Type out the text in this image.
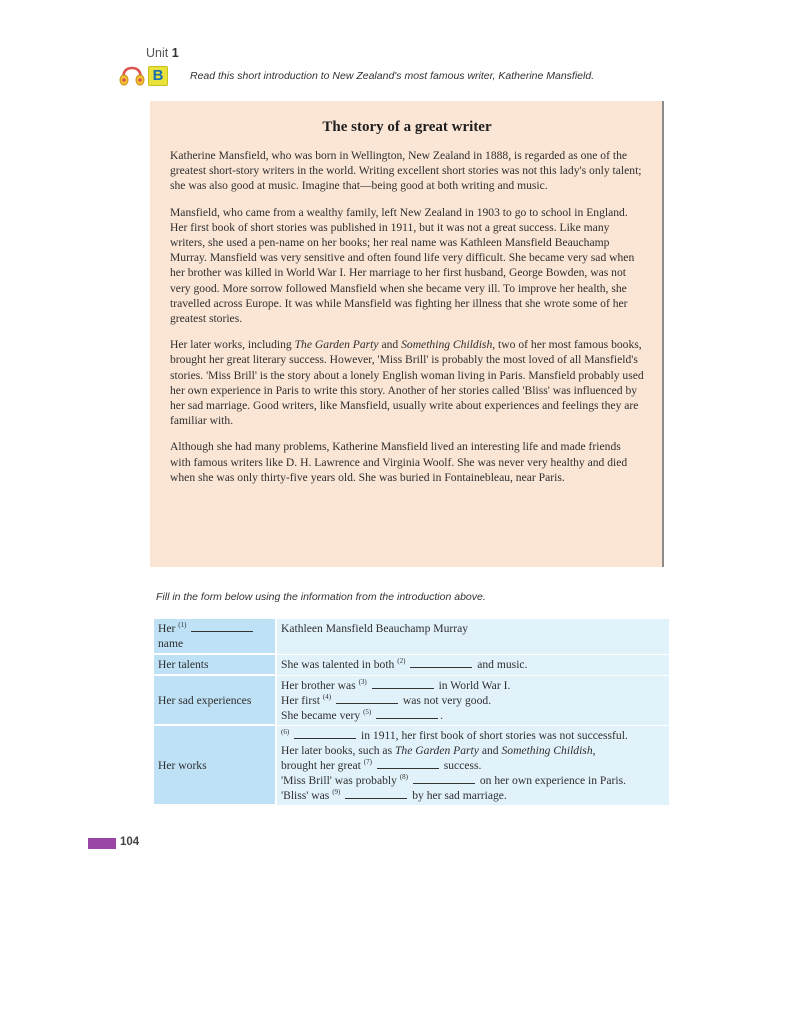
Unit 1
B	Read this short introduction to New Zealand's most famous writer, Katherine Mansfield.
The story of a great writer

Katherine Mansfield, who was born in Wellington, New Zealand in 1888, is regarded as one of the greatest short-story writers in the world. Writing excellent short stories was not this lady's only talent; she was also good at music. Imagine that—being good at both writing and music.

Mansfield, who came from a wealthy family, left New Zealand in 1903 to go to school in England. Her first book of short stories was published in 1911, but it was not a great success. Like many writers, she used a pen-name on her books; her real name was Kathleen Mansfield Beauchamp Murray. Mansfield was very sensitive and often found life very difficult. She became very sad when her brother was killed in World War I. Her marriage to her first husband, George Bowden, was not very good. More sorrow followed Mansfield when she became very ill. To improve her health, she travelled across Europe. It was while Mansfield was fighting her illness that she wrote some of her greatest stories.

Her later works, including The Garden Party and Something Childish, two of her most famous books, brought her great literary success. However, 'Miss Brill' is probably the most loved of all Mansfield's stories. 'Miss Brill' is the story about a lonely English woman living in Paris. Mansfield probably used her own experience in Paris to write this story. Another of her stories called 'Bliss' was influenced by her sad marriage. Good writers, like Mansfield, usually write about experiences and feelings they are familiar with.

Although she had many problems, Katherine Mansfield lived an interesting life and made friends with famous writers like D. H. Lawrence and Virginia Woolf. She was never very healthy and died when she was only thirty-five years old. She was buried in Fontainebleau, near Paris.

Fill in the form below using the information from the introduction above.
Her $^{(1)}$
name	Kathleen Mansfield Beauchamp Murray
Her talents	She was talented in both $^{(2)}$ and music.
Her sad experiences	Her brother was $^{(3)}$ in World War I.
Her first $^{(4)}$ was not very good.
She became very $^{(5)}$ .

Her works	$^{(6)}$ in 1911, her first book of short stories was not successful.
Her later books, such as The Garden Party and Something Childish,
brought her great $^{(7)}$ success.
'Miss Brill' was probably $^{(8)}$ on her own experience in Paris.
'Bliss' was $^{(9)}$ by her sad marriage.
104
